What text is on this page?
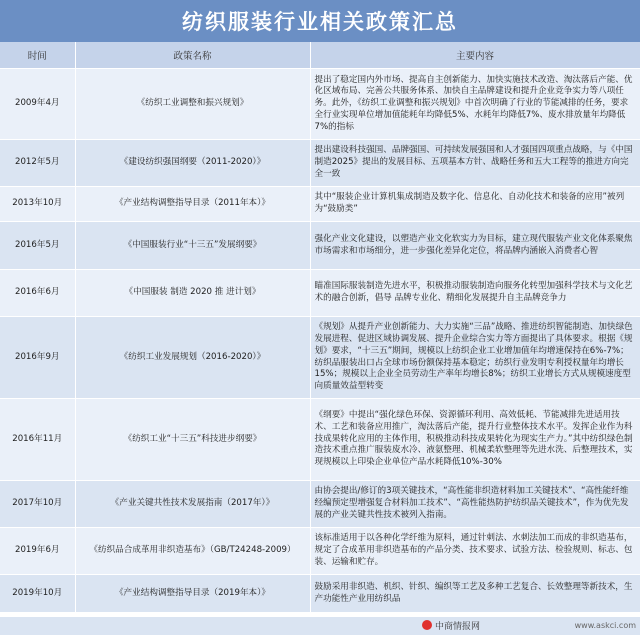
纺织服装行业相关政策汇总
时间	政策名称	主要内容
2009年4月	《纺织工业调整和振兴规划》	提出了稳定国内外市场、提高自主创新能力、加快实施技术改造、淘汰落后产能、优化区域布局、完善公共服务体系、加快自主品牌建设和提升企业竞争实力等八项任务。此外，《纺织工业调整和振兴规划》中首次明确了行业的节能减排的任务，要求全行业实现单位增加值能耗年均降低5%、水耗年均降低7%、废水排放量年均降低7%的指标
2012年5月	《建设纺织强国纲要（2011-2020）》	提出建设科技强国、品牌强国、可持续发展强国和人才强国四项重点战略，与《中国制造2025》提出的发展目标、五项基本方针、战略任务和五大工程等的推进方向完全一致
2013年10月	《产业结构调整指导目录（2011年本）》	其中“服装企业计算机集成制造及数字化、信息化、自动化技术和装备的应用”被列为“鼓励类”
2016年5月	《中国服装行业“十三五”发展纲要》	强化产业文化建设，以塑造产业文化软实力为目标，建立现代服装产业文化体系聚焦市场需求和市场细分，进一步强化差异化定位，将品牌内涵嵌入消费者心智
2016年6月	《中国服装 制造 2020 推 进计划》	瞄准国际服装制造先进水平，积极推动服装制造向服务化转型加强科学技术与文化艺术的融合创新，倡导 品牌专业化、精细化发展提升自主品牌竞争力
2016年9月	《纺织工业发展规划（2016-2020）》	《规划》从提升产业创新能力、大力实施“三品”战略、推进纺织智能制造、加快绿色发展进程、促进区域协调发展、提升企业综合实力等方面提出了具体要求。根据《规划》要求，“十三五”期间，规模以上纺织企业工业增加值年均增速保持在6%-7%；纺织品服装出口占全球市场份额保持基本稳定；纺织行业发明专利授权量年均增长15%；规模以上企业全员劳动生产率年均增长8%；纺织工业增长方式从规模速度型向质量效益型转变
2016年11月	《纺织工业“十三五”科技进步纲要》	《纲要》中提出“强化绿色环保、资源循环利用、高效低耗、节能减排先进适用技术、工艺和装备应用推广，淘汰落后产能，提升行业整体技术水平。发挥企业作为科技成果转化应用的主体作用，积极推动科技成果转化为现实生产力。”其中纺织绿色制造技术重点推广服装废水冷、液氨整理、机械柔软整理等先进水洗、后整理技术，实现规模以上印染企业单位产品水耗降低10%-30%
2017年10月	《产业关键共性技术发展指南（2017年）》	由协会提出/修订的3项关键技术，“高性能非织造材料加工关键技术”、“高性能纤维经编预定型增强复合材料加工技术”、“高性能热防护纺织品关键技术”，作为优先发展的产业关键共性技术被列入指南。
2019年6月	《纺织品合成革用非织造基布》（GB/T24248-2009）	该标准适用于以各种化学纤维为原料，通过针刺法、水刺法加工而成的非织造基布，规定了合成革用非织造基布的产品分类、技术要求、试验方法、检验规则、标志、包装、运输和贮存。
2019年10月	《产业结构调整指导目录（2019年本）》	鼓励采用非织造、机织、针织、编织等工艺及多种工艺复合、长效整理等新技术，生产功能性产业用纺织品
中商情报网	www.askci.com
